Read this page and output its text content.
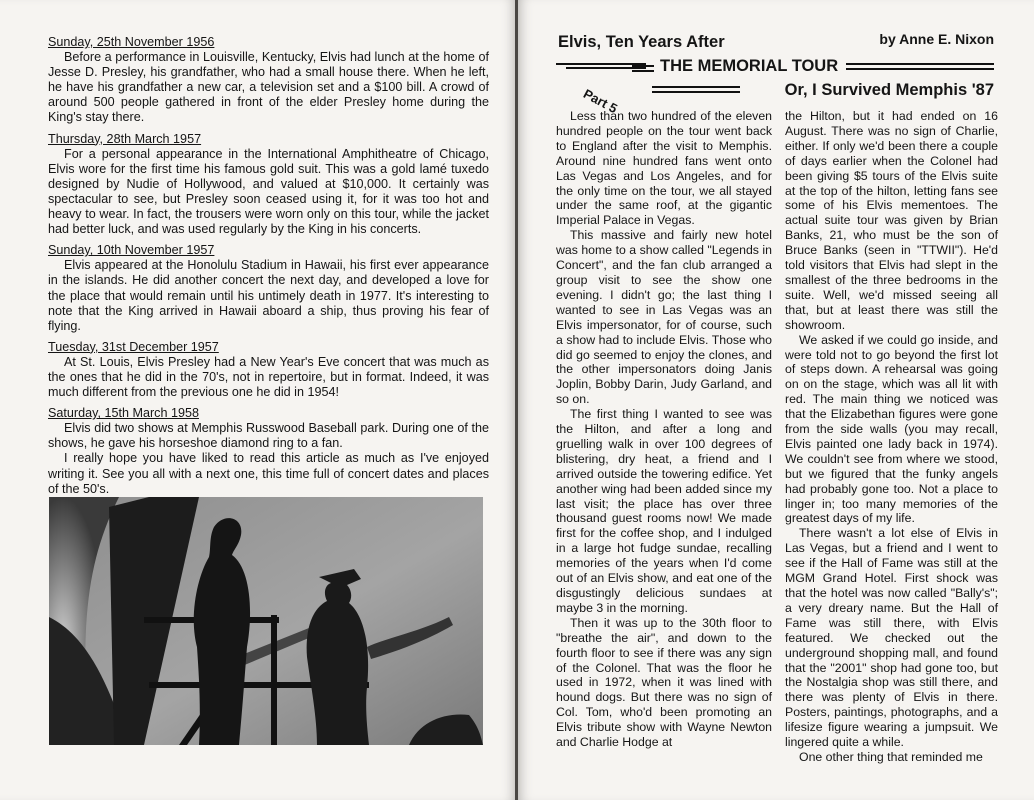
Sunday, 25th November 1956

Before a performance in Louisville, Kentucky, Elvis had lunch at the home of Jesse D. Presley, his grandfather, who had a small house there. When he left, he have his grandfather a new car, a television set and a $100 bill. A crowd of around 500 people gathered in front of the elder Presley home during the King's stay there.

Thursday, 28th March 1957

For a personal appearance in the International Amphitheatre of Chicago, Elvis wore for the first time his famous gold suit. This was a gold lamé tuxedo designed by Nudie of Hollywood, and valued at $10,000. It certainly was spectacular to see, but Presley soon ceased using it, for it was too hot and heavy to wear. In fact, the trousers were worn only on this tour, while the jacket had better luck, and was used regularly by the King in his concerts.

Sunday, 10th November 1957

Elvis appeared at the Honolulu Stadium in Hawaii, his first ever appearance in the islands. He did another concert the next day, and developed a love for the place that would remain until his untimely death in 1977. It's interesting to note that the King arrived in Hawaii aboard a ship, thus proving his fear of flying.

Tuesday, 31st December 1957

At St. Louis, Elvis Presley had a New Year's Eve concert that was much as the ones that he did in the 70's, not in repertoire, but in format. Indeed, it was much different from the previous one he did in 1954!

Saturday, 15th March 1958

Elvis did two shows at Memphis Russwood Baseball park. During one of the shows, he gave his horseshoe diamond ring to a fan.

I really hope you have liked to read this article as much as I've enjoyed writing it. See you all with a next one, this time full of concert dates and places of the 50's.

Elvis, Ten Years After	by Anne E. Nixon
Part 5
THE MEMORIAL TOUR
Or, I Survived Memphis '87

Less than two hundred of the eleven hundred people on the tour went back to England after the visit to Memphis. Around nine hundred fans went onto Las Vegas and Los Angeles, and for the only time on the tour, we all stayed under the same roof, at the gigantic Imperial Palace in Vegas.

This massive and fairly new hotel was home to a show called "Legends in Concert", and the fan club arranged a group visit to see the show one evening. I didn't go; the last thing I wanted to see in Las Vegas was an Elvis impersonator, for of course, such a show had to include Elvis. Those who did go seemed to enjoy the clones, and the other impersonators doing Janis Joplin, Bobby Darin, Judy Garland, and so on.

The first thing I wanted to see was the Hilton, and after a long and gruelling walk in over 100 degrees of blistering, dry heat, a friend and I arrived outside the towering edifice. Yet another wing had been added since my last visit; the place has over three thousand guest rooms now! We made first for the coffee shop, and I indulged in a large hot fudge sundae, recalling memories of the years when I'd come out of an Elvis show, and eat one of the disgustingly delicious sundaes at maybe 3 in the morning.

Then it was up to the 30th floor to "breathe the air", and down to the fourth floor to see if there was any sign of the Colonel. That was the floor he used in 1972, when it was lined with hound dogs. But there was no sign of Col. Tom, who'd been promoting an Elvis tribute show with Wayne Newton and Charlie Hodge at

the Hilton, but it had ended on 16 August. There was no sign of Charlie, either. If only we'd been there a couple of days earlier when the Colonel had been giving $5 tours of the Elvis suite at the top of the hilton, letting fans see some of his Elvis mementoes. The actual suite tour was given by Brian Banks, 21, who must be the son of Bruce Banks (seen in "TTWII"). He'd told visitors that Elvis had slept in the smallest of the three bedrooms in the suite. Well, we'd missed seeing all that, but at least there was still the showroom.

We asked if we could go inside, and were told not to go beyond the first lot of steps down. A rehearsal was going on on the stage, which was all lit with red. The main thing we noticed was that the Elizabethan figures were gone from the side walls (you may recall, Elvis painted one lady back in 1974). We couldn't see from where we stood, but we figured that the funky angels had probably gone too. Not a place to linger in; too many memories of the greatest days of my life.

There wasn't a lot else of Elvis in Las Vegas, but a friend and I went to see if the Hall of Fame was still at the MGM Grand Hotel. First shock was that the hotel was now called "Bally's"; a very dreary name. But the Hall of Fame was still there, with Elvis featured. We checked out the underground shopping mall, and found that the "2001" shop had gone too, but the Nostalgia shop was still there, and there was plenty of Elvis in there. Posters, paintings, photographs, and a lifesize figure wearing a jumpsuit. We lingered quite a while.

One other thing that reminded me
